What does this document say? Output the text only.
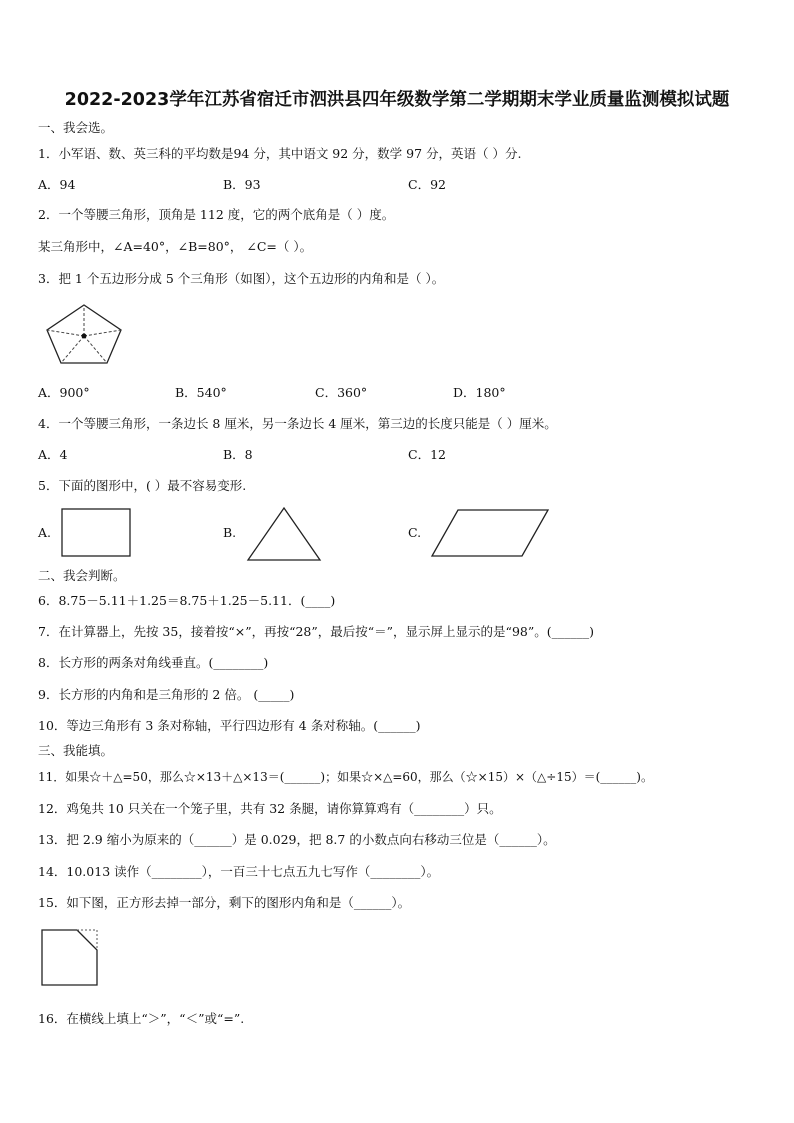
2022-2023学年江苏省宿迁市泗洪县四年级数学第二学期期末学业质量监测模拟试题
一、我会选。
1．小军语、数、英三科的平均数是94 分，其中语文 92 分，数学 97 分，英语（ ）分.
A．94	B．93	C．92
2．一个等腰三角形，顶角是 112 度，它的两个底角是（ ）度。
某三角形中，∠A=40°，∠B=80°， ∠C=（ ）。
3．把 1 个五边形分成 5 个三角形（如图），这个五边形的内角和是（ ）。
A．900°	B．540°	C．360°	D．180°
4．一个等腰三角形，一条边长 8 厘米，另一条边长 4 厘米，第三边的长度只能是（ ）厘米。
A．4	B．8	C．12
5．下面的图形中，( ）最不容易变形.
A.	B.	C.
二、我会判断。
6．8.75－5.11＋1.25＝8.75＋1.25－5.11．(____)
7．在计算器上，先按 35，接着按“×”，再按“28”，最后按“＝”，显示屏上显示的是“98”。(______)
8．长方形的两条对角线垂直。(________)
9．长方形的内角和是三角形的 2 倍。 (_____)
10．等边三角形有 3 条对称轴，平行四边形有 4 条对称轴。(______)
三、我能填。
11．如果☆＋△=50，那么☆×13＋△×13＝(______)；如果☆×△=60，那么（☆×15）×（△÷15）＝(______)。
12．鸡兔共 10 只关在一个笼子里，共有 32 条腿，请你算算鸡有（________）只。
13．把 2.9 缩小为原来的（______）是 0.029，把 8.7 的小数点向右移动三位是（______）。
14．10.013 读作（________），一百三十七点五九七写作（________）。
15．如下图，正方形去掉一部分，剩下的图形内角和是（______）。
16．在横线上填上“＞”，“＜”或“=”.
